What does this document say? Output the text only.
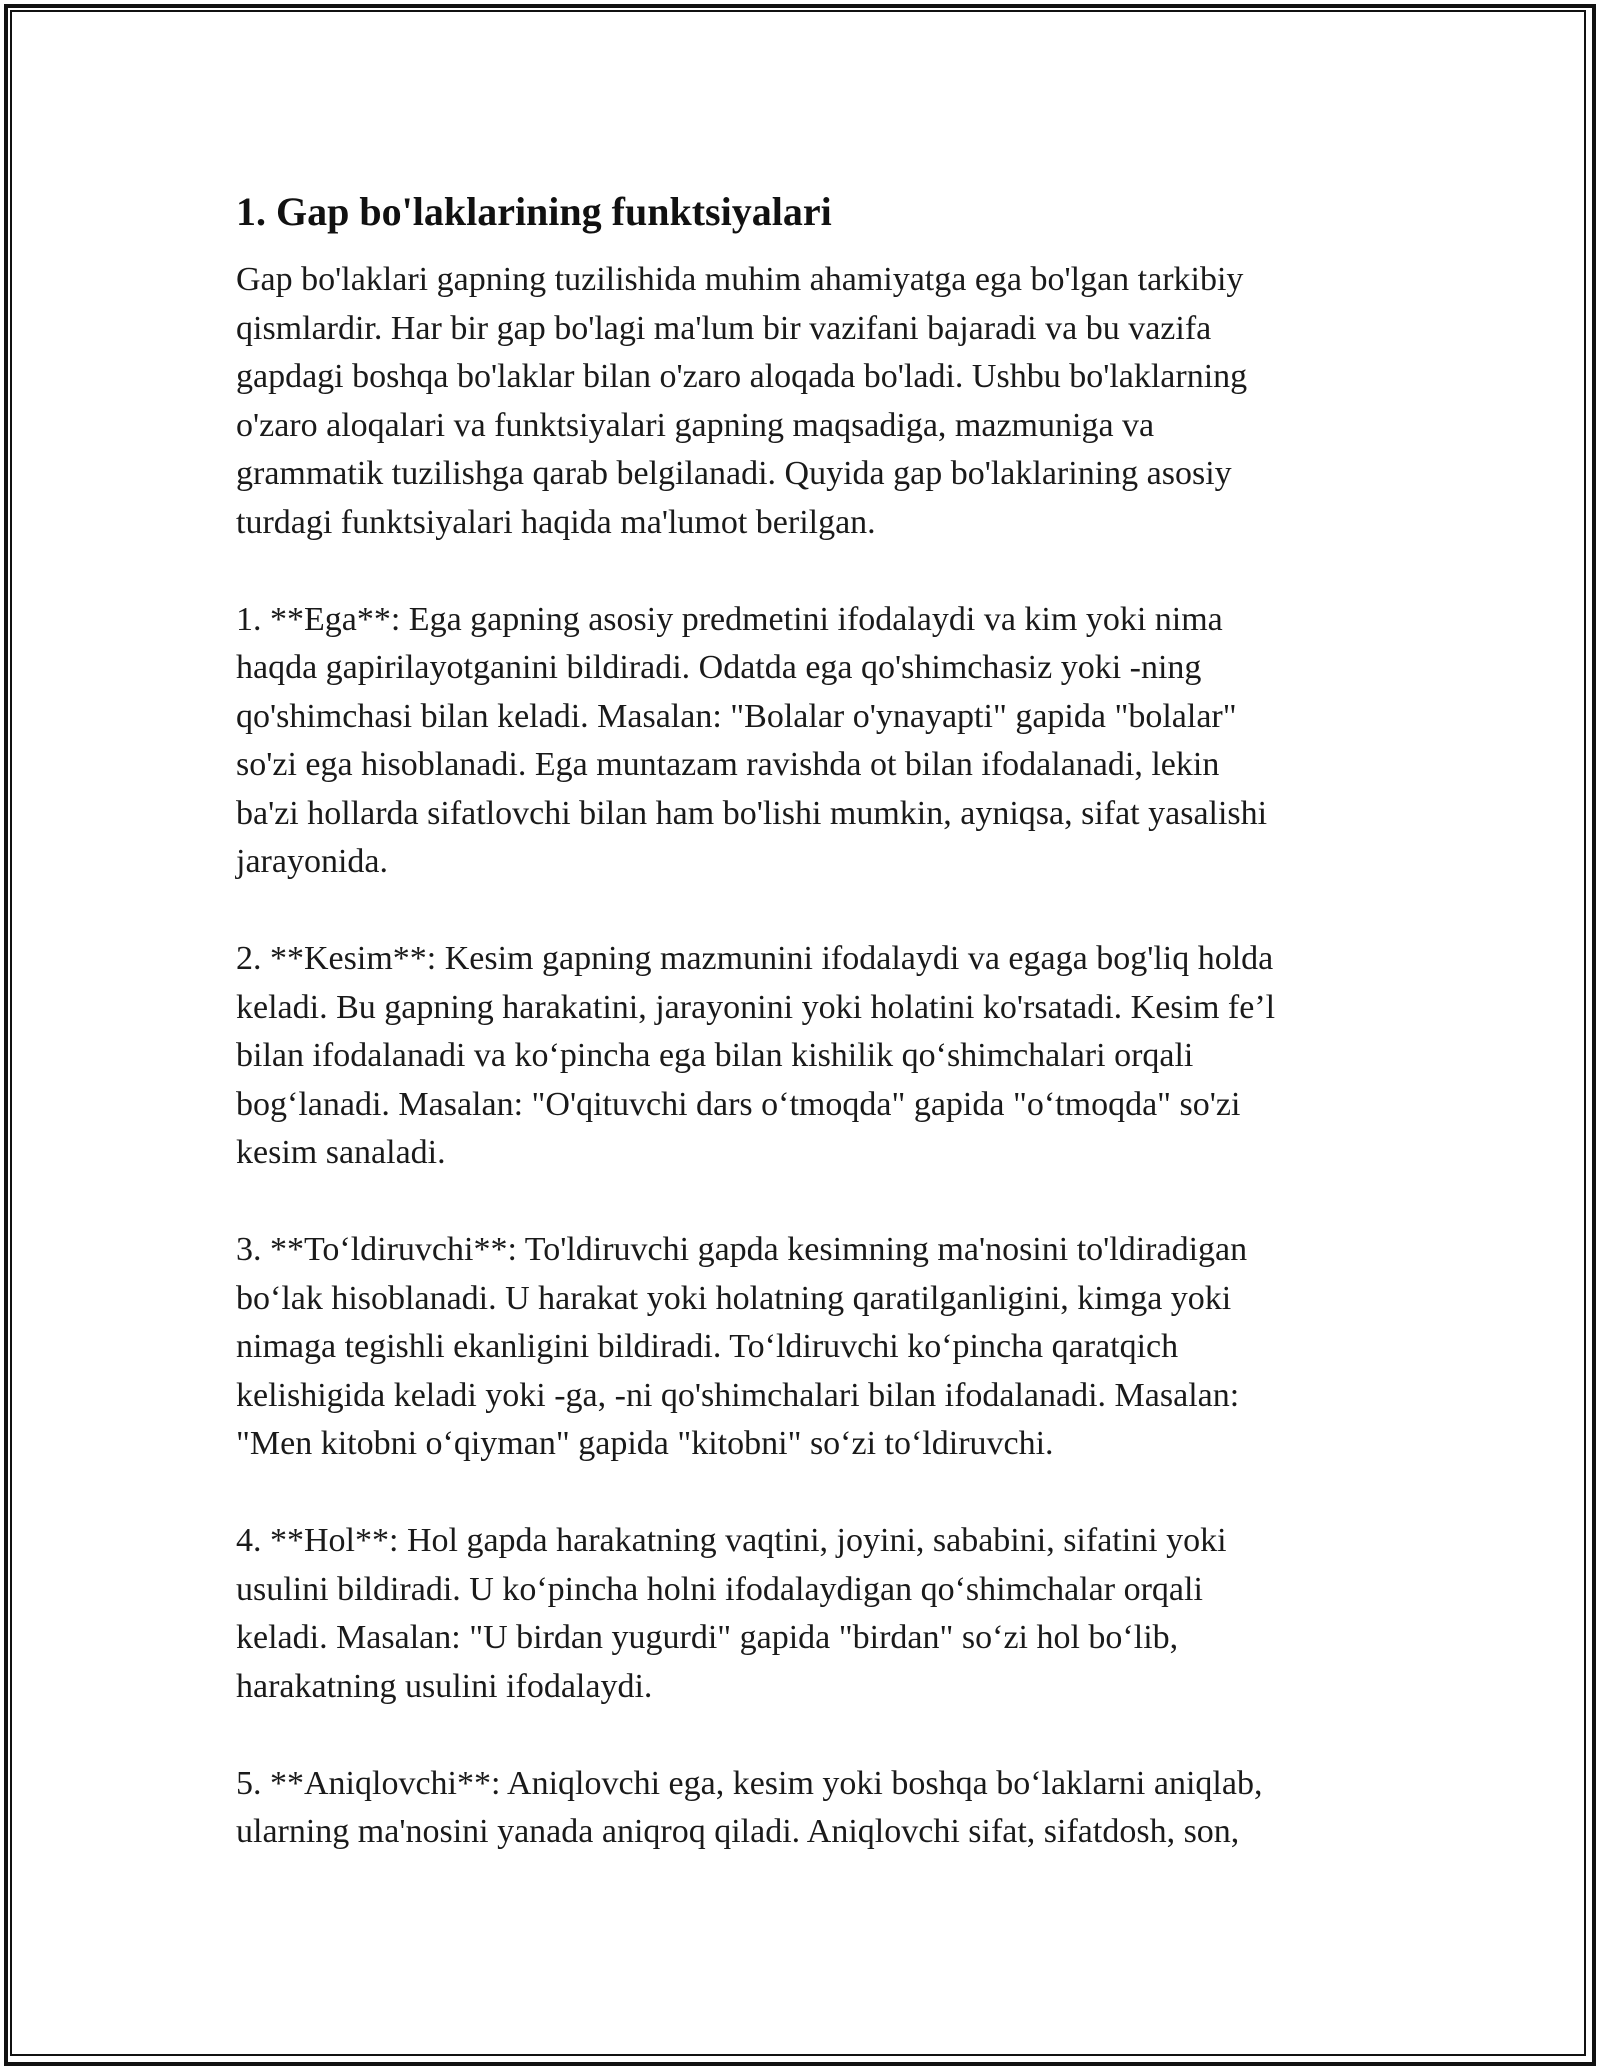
1. Gap bo'laklarining funktsiyalari

Gap bo'laklari gapning tuzilishida muhim ahamiyatga ega bo'lgan tarkibiy
qismlardir. Har bir gap bo'lagi ma'lum bir vazifani bajaradi va bu vazifa
gapdagi boshqa bo'laklar bilan o'zaro aloqada bo'ladi. Ushbu bo'laklarning
o'zaro aloqalari va funktsiyalari gapning maqsadiga, mazmuniga va
grammatik tuzilishga qarab belgilanadi. Quyida gap bo'laklarining asosiy
turdagi funktsiyalari haqida ma'lumot berilgan.

1. **Ega**: Ega gapning asosiy predmetini ifodalaydi va kim yoki nima
haqda gapirilayotganini bildiradi. Odatda ega qo'shimchasiz yoki -ning
qo'shimchasi bilan keladi. Masalan: "Bolalar o'ynayapti" gapida "bolalar"
so'zi ega hisoblanadi. Ega muntazam ravishda ot bilan ifodalanadi, lekin
ba'zi hollarda sifatlovchi bilan ham bo'lishi mumkin, ayniqsa, sifat yasalishi
jarayonida.

2. **Kesim**: Kesim gapning mazmunini ifodalaydi va egaga bog'liq holda
keladi. Bu gapning harakatini, jarayonini yoki holatini ko'rsatadi. Kesim fe’l
bilan ifodalanadi va ko‘pincha ega bilan kishilik qo‘shimchalari orqali
bog‘lanadi. Masalan: "O'qituvchi dars o‘tmoqda" gapida "o‘tmoqda" so'zi
kesim sanaladi.

3. **To‘ldiruvchi**: To'ldiruvchi gapda kesimning ma'nosini to'ldiradigan
bo‘lak hisoblanadi. U harakat yoki holatning qaratilganligini, kimga yoki
nimaga tegishli ekanligini bildiradi. To‘ldiruvchi ko‘pincha qaratqich
kelishigida keladi yoki -ga, -ni qo'shimchalari bilan ifodalanadi. Masalan:
"Men kitobni o‘qiyman" gapida "kitobni" so‘zi to‘ldiruvchi.

4. **Hol**: Hol gapda harakatning vaqtini, joyini, sababini, sifatini yoki
usulini bildiradi. U ko‘pincha holni ifodalaydigan qo‘shimchalar orqali
keladi. Masalan: "U birdan yugurdi" gapida "birdan" so‘zi hol bo‘lib,
harakatning usulini ifodalaydi.

5. **Aniqlovchi**: Aniqlovchi ega, kesim yoki boshqa bo‘laklarni aniqlab,
ularning ma'nosini yanada aniqroq qiladi. Aniqlovchi sifat, sifatdosh, son,
